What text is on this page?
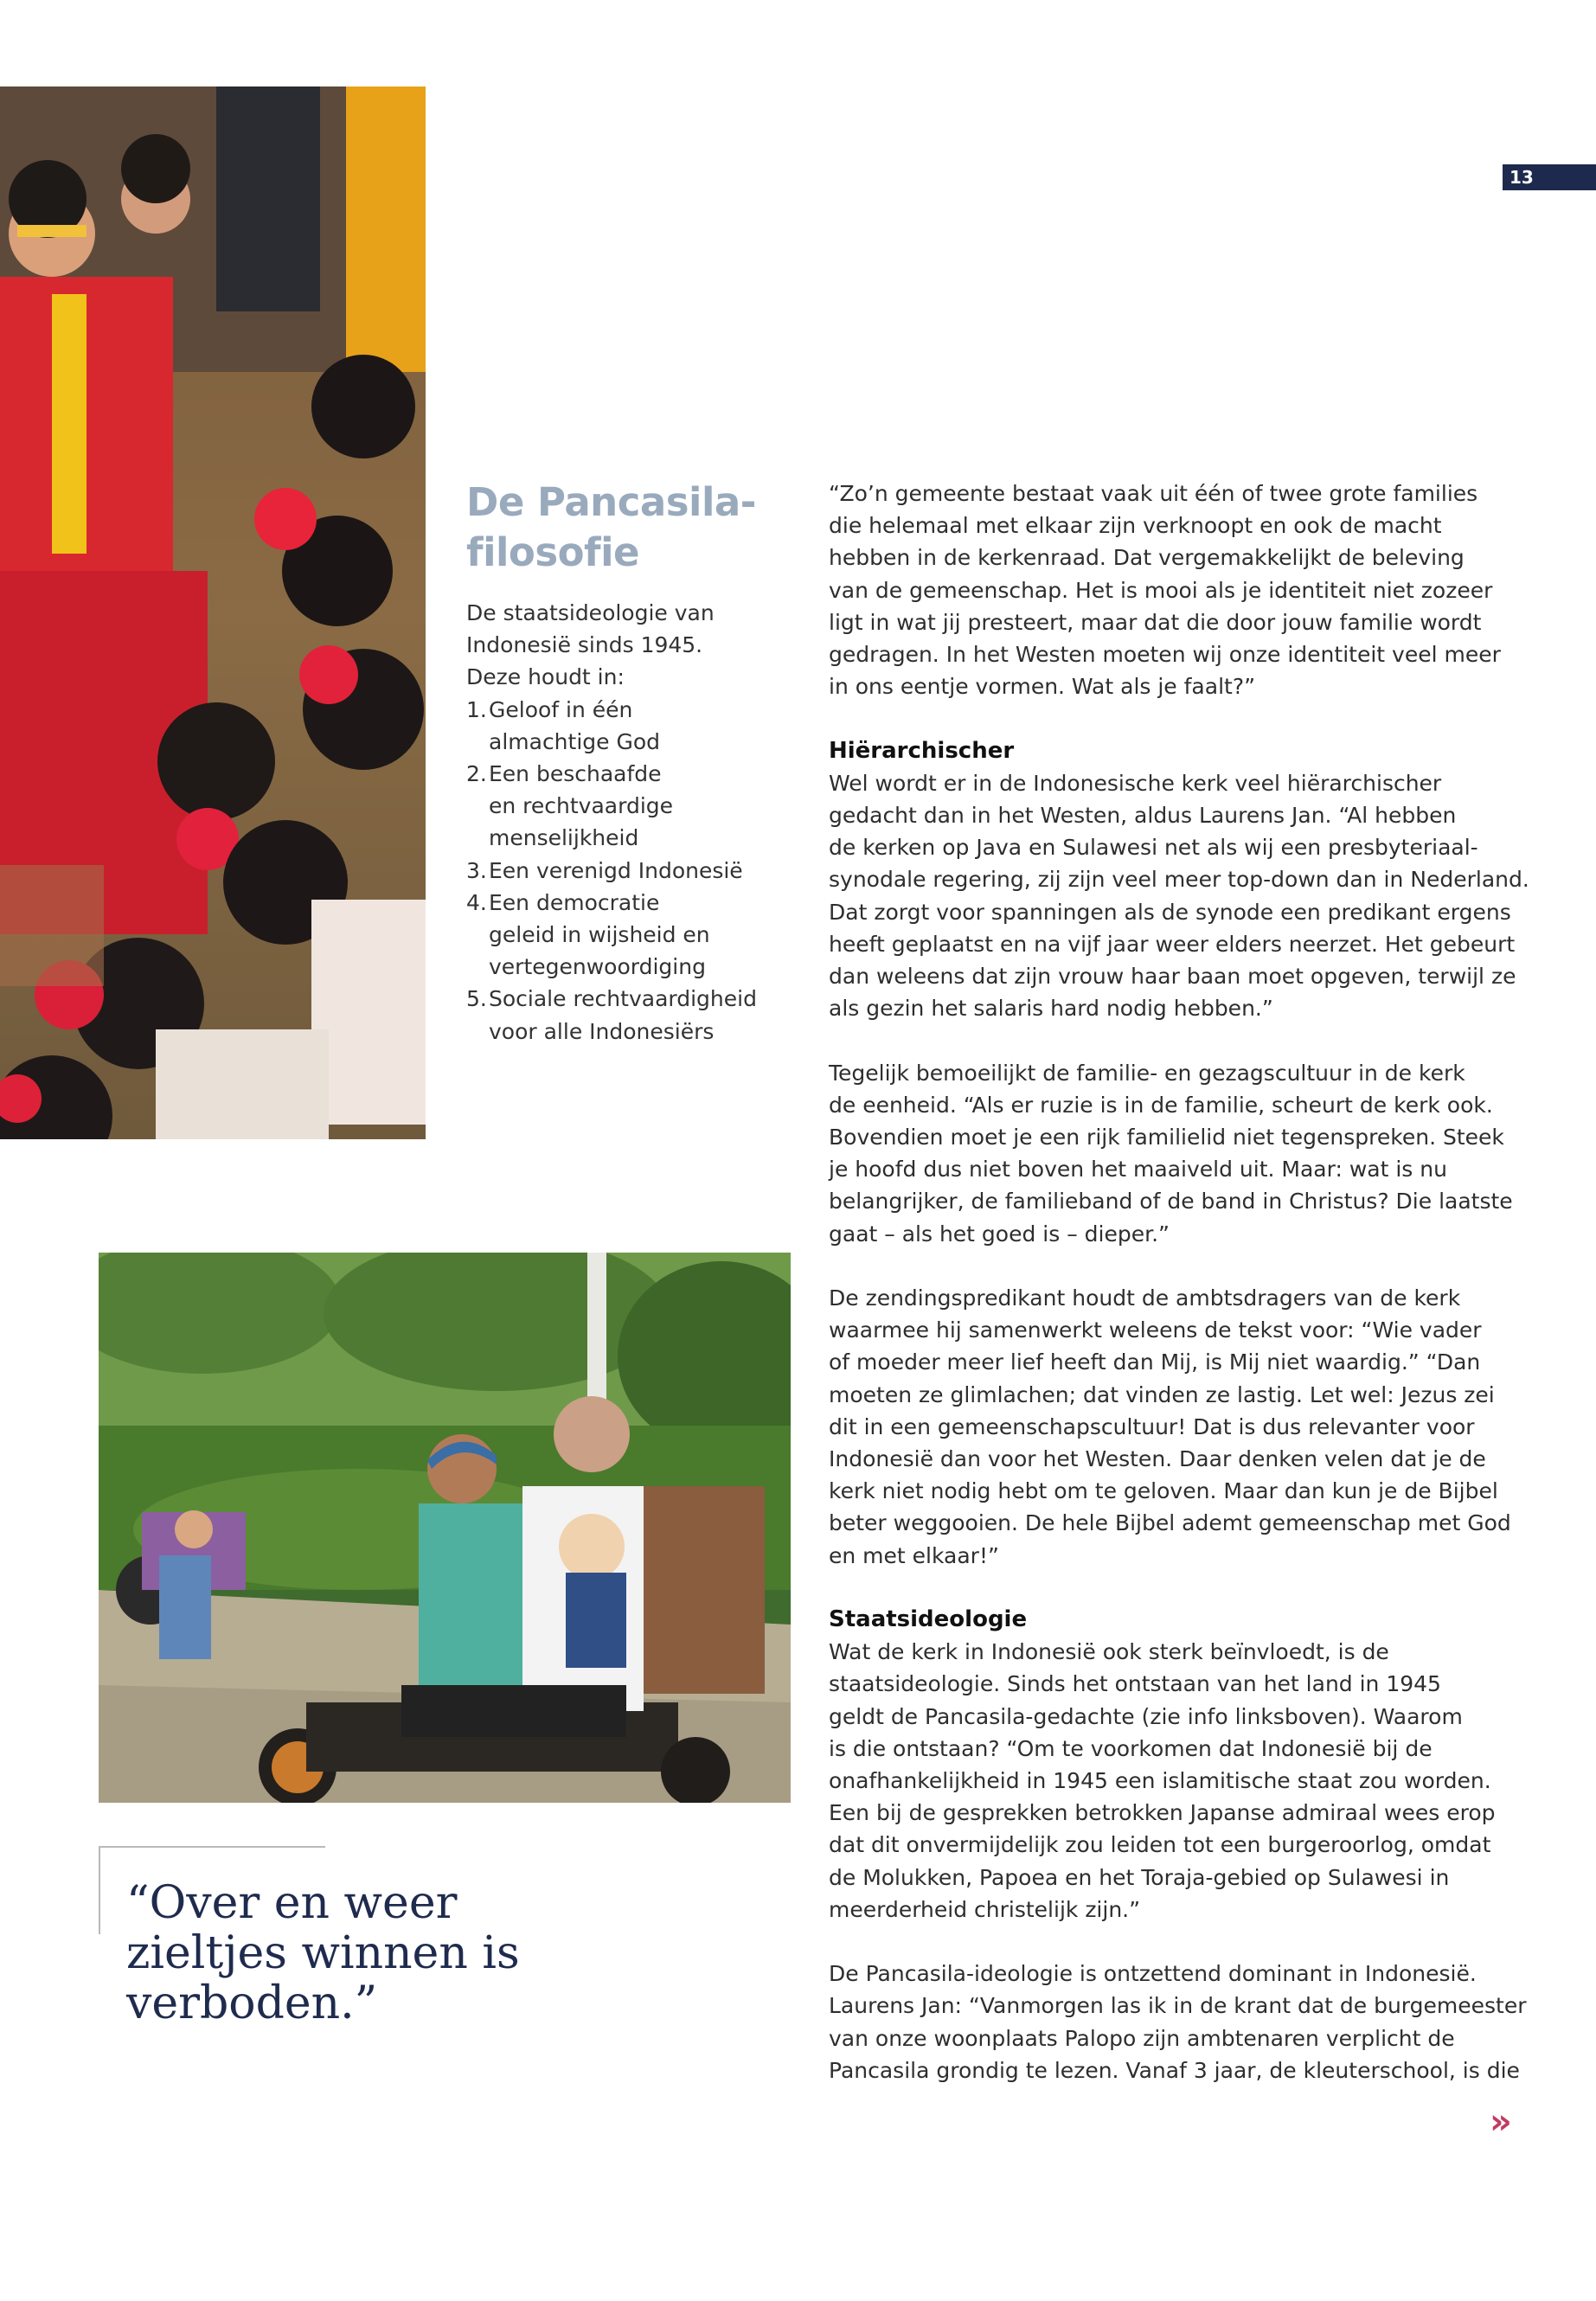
13
De Pancasila-
filosofie
De staatsideologie van
Indonesië sinds 1945.
Deze houdt in:
1. Geloof in één
almachtige God
2. Een beschaafde
en rechtvaardige
menselijkheid
3. Een verenigd Indonesië
4. Een democratie
geleid in wijsheid en
vertegenwoordiging
5. Sociale rechtvaardigheid
voor alle Indonesiërs
“Zo’n gemeente bestaat vaak uit één of twee grote families
die helemaal met elkaar zijn verknoopt en ook de macht
hebben in de kerkenraad. Dat vergemakkelijkt de beleving
van de gemeenschap. Het is mooi als je identiteit niet zozeer
ligt in wat jij presteert, maar dat die door jouw familie wordt
gedragen. In het Westen moeten wij onze identiteit veel meer
in ons eentje vormen. Wat als je faalt?”
Hiërarchischer
Wel wordt er in de Indonesische kerk veel hiërarchischer
gedacht dan in het Westen, aldus Laurens Jan. “Al hebben
de kerken op Java en Sulawesi net als wij een presbyteriaal-
synodale regering, zij zijn veel meer top-down dan in Nederland.
Dat zorgt voor spanningen als de synode een predikant ergens
heeft geplaatst en na vijf jaar weer elders neerzet. Het gebeurt
dan weleens dat zijn vrouw haar baan moet opgeven, terwijl ze
als gezin het salaris hard nodig hebben.”
Tegelijk bemoeilijkt de familie- en gezagscultuur in de kerk
de eenheid. “Als er ruzie is in de familie, scheurt de kerk ook.
Bovendien moet je een rijk familielid niet tegenspreken. Steek
je hoofd dus niet boven het maaiveld uit. Maar: wat is nu
belangrijker, de familieband of de band in Christus? Die laatste
gaat – als het goed is – dieper.”
De zendingspredikant houdt de ambtsdragers van de kerk
waarmee hij samenwerkt weleens de tekst voor: “Wie vader
of moeder meer lief heeft dan Mij, is Mij niet waardig.” “Dan
moeten ze glimlachen; dat vinden ze lastig. Let wel: Jezus zei
dit in een gemeenschapscultuur! Dat is dus relevanter voor
Indonesië dan voor het Westen. Daar denken velen dat je de
kerk niet nodig hebt om te geloven. Maar dan kun je de Bijbel
beter weggooien. De hele Bijbel ademt gemeenschap met God
en met elkaar!”
Staatsideologie
Wat de kerk in Indonesië ook sterk beïnvloedt, is de
staatsideologie. Sinds het ontstaan van het land in 1945
geldt de Pancasila-gedachte (zie info linksboven). Waarom
is die ontstaan? “Om te voorkomen dat Indonesië bij de
onafhankelijkheid in 1945 een islamitische staat zou worden.
Een bij de gesprekken betrokken Japanse admiraal wees erop
dat dit onvermijdelijk zou leiden tot een burgeroorlog, omdat
de Molukken, Papoea en het Toraja-gebied op Sulawesi in
meerderheid christelijk zijn.”
De Pancasila-ideologie is ontzettend dominant in Indonesië.
Laurens Jan: “Vanmorgen las ik in de krant dat de burgemeester
van onze woonplaats Palopo zijn ambtenaren verplicht de
Pancasila grondig te lezen. Vanaf 3 jaar, de kleuterschool, is die
“Over en weer
zieltjes winnen is
verboden.”
»
